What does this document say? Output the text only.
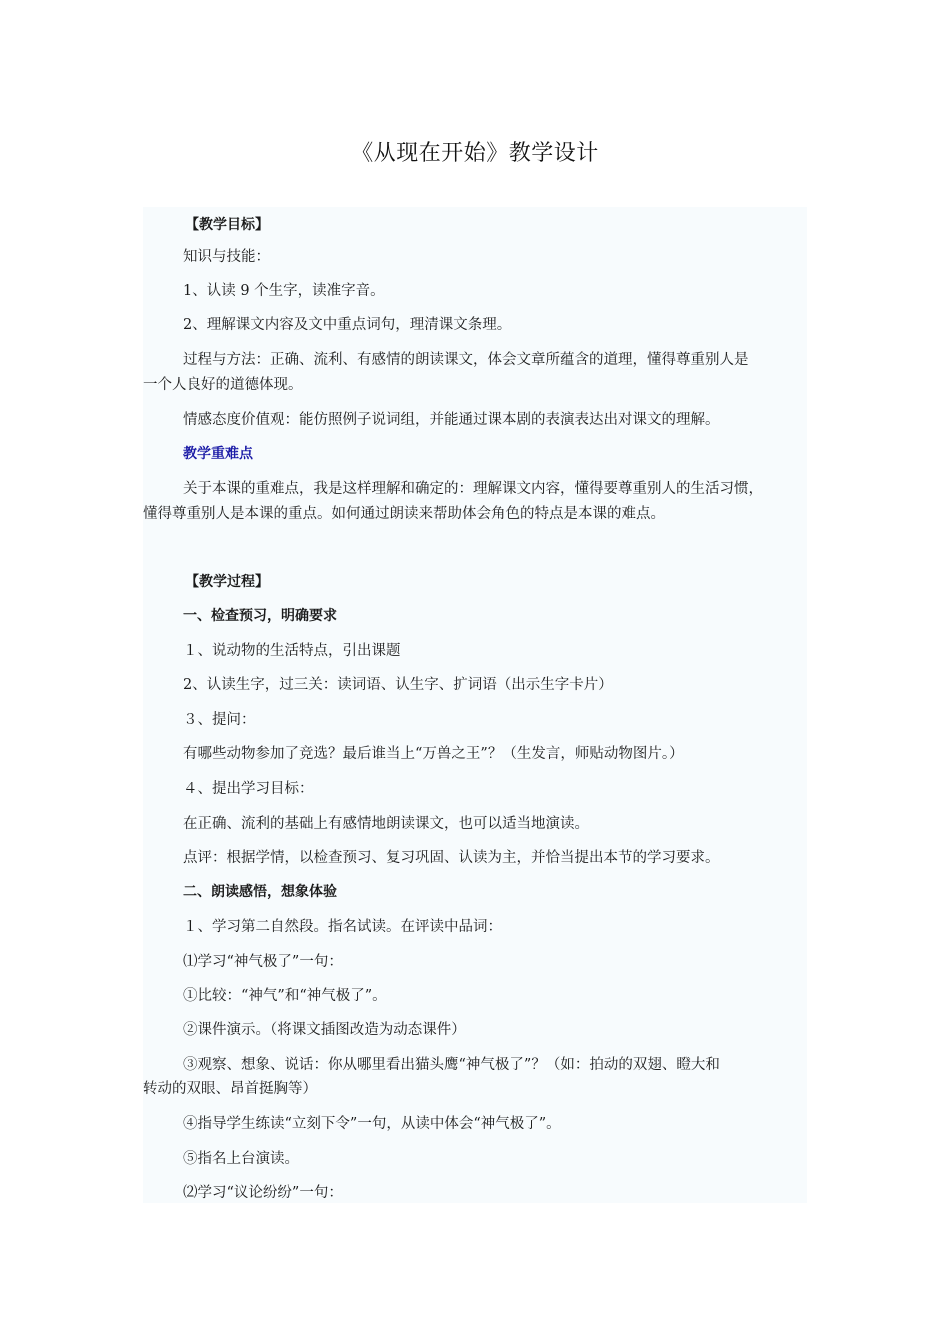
《从现在开始》教学设计
【教学目标】
知识与技能：
1、认读 9 个生字，读准字音。
2、理解课文内容及文中重点词句，理清课文条理。
过程与方法：正确、流利、有感情的朗读课文，体会文章所蕴含的道理，懂得尊重别人是
一个人良好的道德体现。
情感态度价值观：能仿照例子说词组，并能通过课本剧的表演表达出对课文的理解。
教学重难点
关于本课的重难点，我是这样理解和确定的：理解课文内容，懂得要尊重别人的生活习惯，
懂得尊重别人是本课的重点。如何通过朗读来帮助体会角色的特点是本课的难点。
【教学过程】
一、检查预习，明确要求
１、说动物的生活特点，引出课题
2、认读生字，过三关：读词语、认生字、扩词语（出示生字卡片）
３、提问：
有哪些动物参加了竞选？最后谁当上“万兽之王”？（生发言，师贴动物图片。）
４、提出学习目标：
在正确、流利的基础上有感情地朗读课文，也可以适当地演读。
点评：根据学情，以检查预习、复习巩固、认读为主，并恰当提出本节的学习要求。
二、朗读感悟，想象体验
１、学习第二自然段。指名试读。在评读中品词：
⑴学习“神气极了”一句：
①比较：“神气”和“神气极了”。
②课件演示。（将课文插图改造为动态课件）
③观察、想象、说话：你从哪里看出猫头鹰“神气极了”？（如：拍动的双翅、瞪大和
转动的双眼、昂首挺胸等）
④指导学生练读“立刻下令”一句，从读中体会“神气极了”。
⑤指名上台演读。
⑵学习“议论纷纷”一句：
